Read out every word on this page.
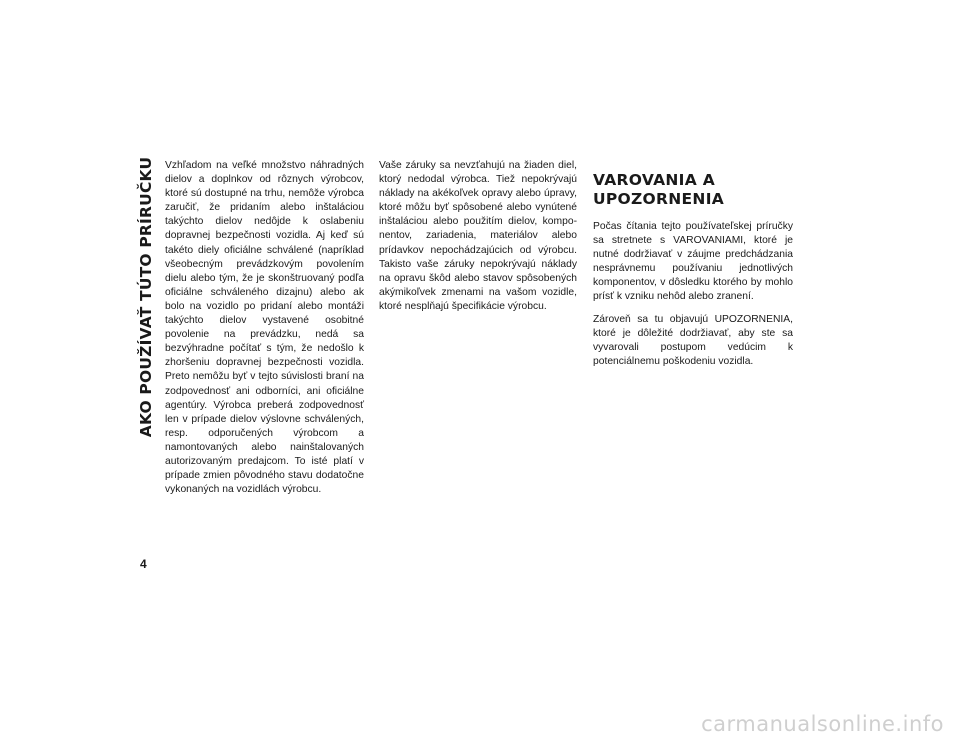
AKO POUŽÍVAŤ TÚTO PRÍRUČKU Vzhľadom na veľké množstvo náhradných dielov a doplnkov od rôznych výrobcov, ktoré sú dostupné na trhu, nemôže výrobca zaručiť, že pridaním alebo inštaláciou takýchto dielov nedôjde k oslabeniu dopravnej bezpečnosti vozidla. Aj keď sú takéto diely oficiálne schválené (napríklad všeobecným prevádzkovým povolením dielu alebo tým, že je skonštruovaný podľa oficiálne schváleného dizajnu) alebo ak bolo na vozidlo po pridaní alebo montáži takýchto dielov vystavené osobitné povolenie na prevádzku, nedá sa bezvýhradne počítať s tým, že nedošlo k zhoršeniu dopravnej bezpečnosti vozidla. Preto nemôžu byť v tejto súvislosti braní na zodpovednosť ani odborníci, ani oficiálne agentúry. Výrobca preberá zodpovednosť len v prípade dielov výslovne schválených, resp. odporučených výrobcom a namontovaných alebo nainštalovaných autorizovaným predajcom. To isté platí v prípade zmien pôvodného stavu dodatočne vykonaných na vozidlách výrobcu.

Vaše záruky sa nevzťahujú na žiaden diel, ktorý nedodal výrobca. Tiež nepokrývajú náklady na akékoľvek opravy alebo úpravy, ktoré môžu byť spôsobené alebo vynútené inštaláciou alebo použitím dielov, komponentov, zariadenia, materiálov alebo prídavkov nepochádzajúcich od výrobcu. Takisto vaše záruky nepokrývajú náklady na opravu škôd alebo stavov spôsobených akýmikoľvek zmenami na vašom vozidle, ktoré nesplňajú špecifikácie výrobcu.

VAROVANIA A UPOZORNENIA

Počas čítania tejto používateľskej príručky sa stretnete s VAROVANIAMI, ktoré je nutné dodržiavať v záujme predchádzania nesprávnemu používaniu jednotlivých komponentov, v dôsledku ktorého by mohlo prísť k vzniku nehôd alebo zranení.

Zároveň sa tu objavujú UPOZORNENIA, ktoré je dôležité dodržiavať, aby ste sa vyvarovali postupom vedúcim k potenciálnemu poškodeniu vozidla.

4
carmanualsonline.info
